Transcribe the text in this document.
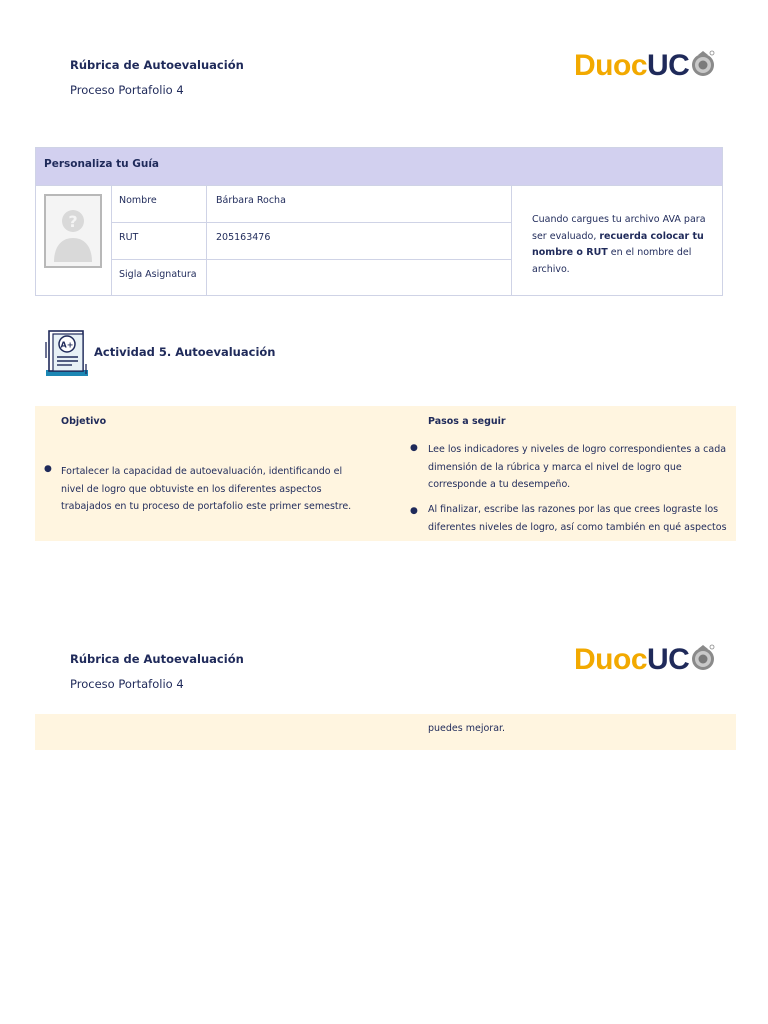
Rúbrica de Autoevaluación
Proceso Portafolio 4
Duoc UC
Personaliza tu Guía
?
Nombre	Bárbara Rocha
RUT	205163476
Sigla Asignatura
Cuando cargues tu archivo AVA para ser evaluado, recuerda colocar tu nombre o RUT en el nombre del archivo.
A+ Actividad 5. Autoevaluación
Objetivo
● Fortalecer la capacidad de autoevaluación, identificando el nivel de logro que obtuviste en los diferentes aspectos trabajados en tu proceso de portafolio este primer semestre.
Pasos a seguir
● Lee los indicadores y niveles de logro correspondientes a cada dimensión de la rúbrica y marca el nivel de logro que corresponde a tu desempeño.
● Al finalizar, escribe las razones por las que crees lograste los diferentes niveles de logro, así como también en qué aspectos
Rúbrica de Autoevaluación
Proceso Portafolio 4
Duoc UC
puedes mejorar.
